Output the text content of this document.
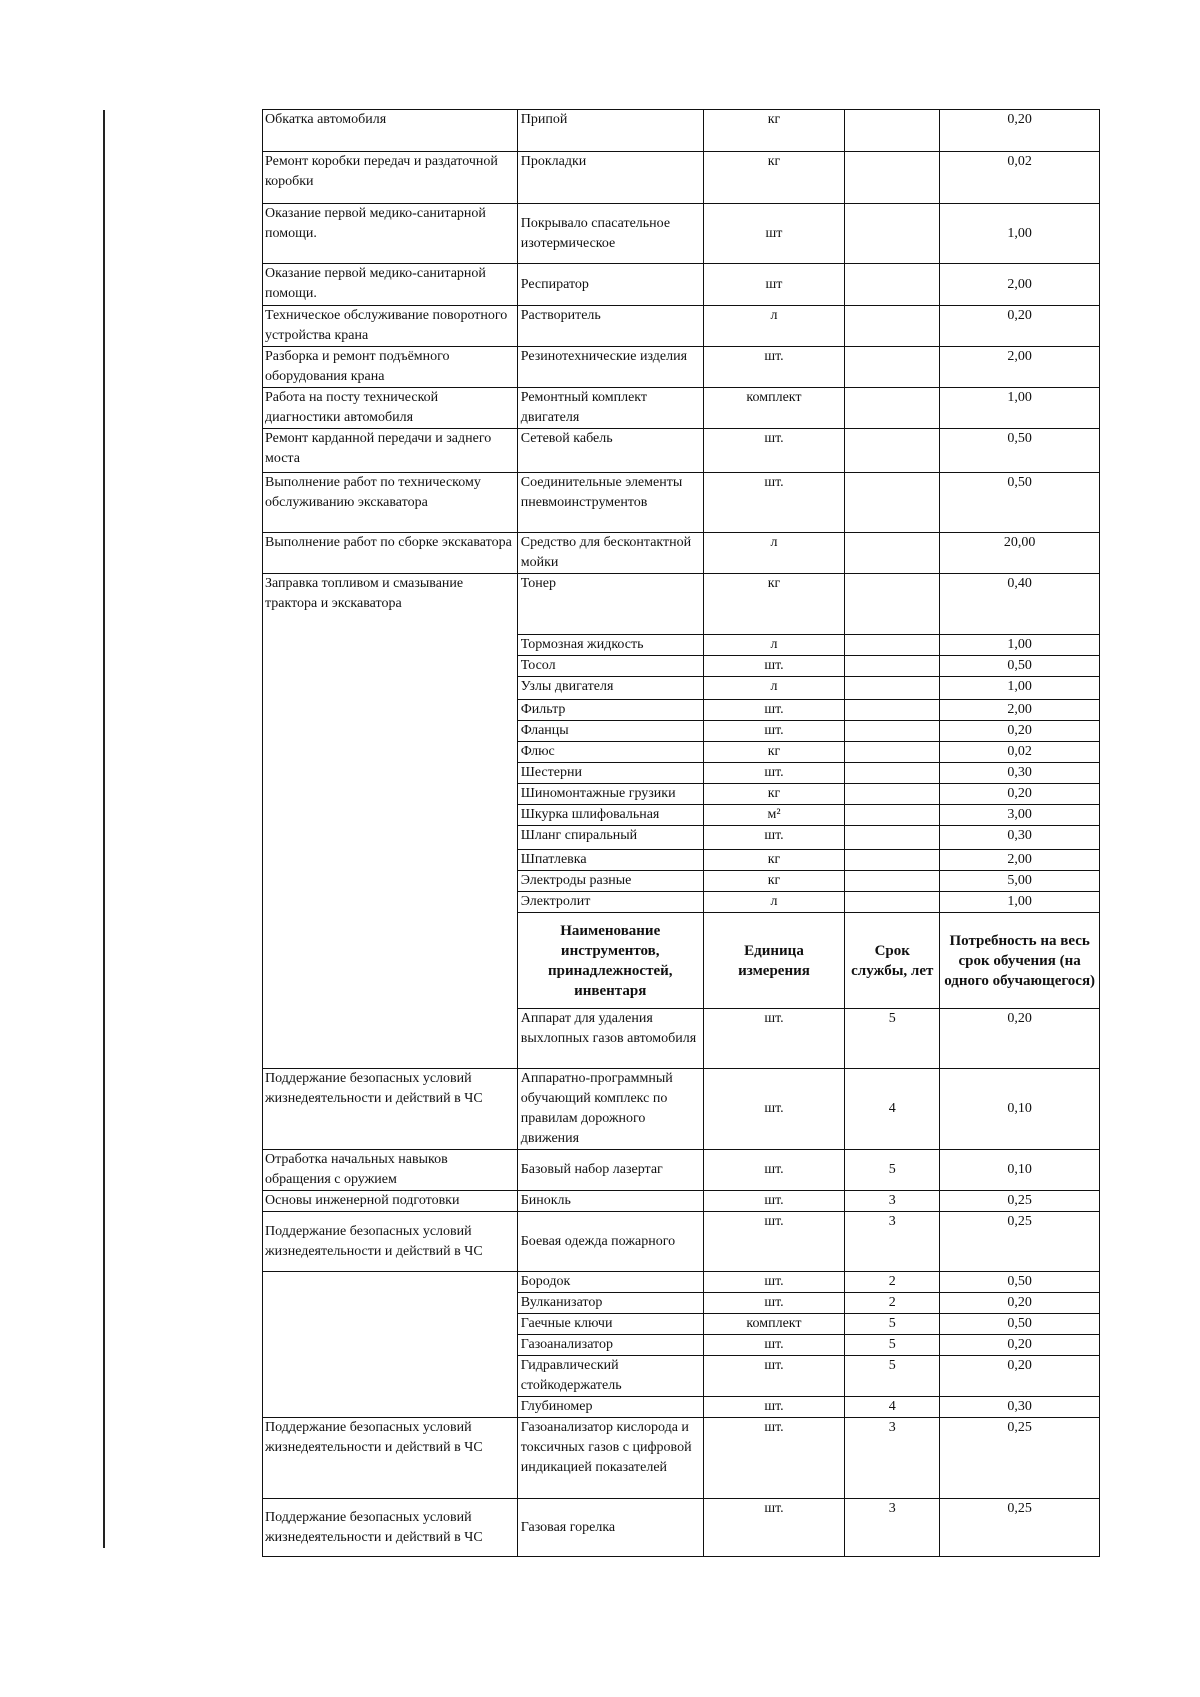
Обкатка автомобиля	Припой	кг		0,20
Ремонт коробки передач и раздаточной коробки	Прокладки	кг		0,02
Оказание первой медико-санитарной помощи.	Покрывало спасательное изотермическое	шт		1,00
Оказание первой медико-санитарной помощи.	Респиратор	шт		2,00
Техническое обслуживание поворотного устройства крана	Растворитель	л		0,20
Разборка и ремонт подъёмного оборудования крана	Резинотехнические изделия	шт.		2,00
Работа на посту технической диагностики автомобиля	Ремонтный комплект двигателя	комплект		1,00
Ремонт карданной передачи и заднего моста	Сетевой кабель	шт.		0,50
Выполнение работ по техническому обслуживанию экскаватора	Соединительные элементы пневмоинструментов	шт.		0,50
Выполнение работ по сборке экскаватора	Средство для бесконтактной мойки	л		20,00
Заправка топливом и смазывание трактора и экскаватора	Тонер	кг		0,40
	Тормозная жидкость	л		1,00
	Тосол	шт.		0,50
	Узлы двигателя	л		1,00
	Фильтр	шт.		2,00
	Фланцы	шт.		0,20
	Флюс	кг		0,02
	Шестерни	шт.		0,30
	Шиномонтажные грузики	кг		0,20
	Шкурка шлифовальная	м²		3,00
	Шланг спиральный	шт.		0,30
	Шпатлевка	кг		2,00
	Электроды разные	кг		5,00
	Электролит	л		1,00
	Наименование инструментов, принадлежностей, инвентаря	Единица измерения	Срок службы, лет	Потребность на весь срок обучения (на одного обучающегося)
	Аппарат для удаления выхлопных газов автомобиля	шт.	5	0,20
Поддержание безопасных условий жизнедеятельности и действий в ЧС	Аппаратно-программный обучающий комплекс по правилам дорожного движения	шт.	4	0,10
Отработка начальных навыков обращения с оружием	Базовый набор лазертаг	шт.	5	0,10
Основы инженерной подготовки	Бинокль	шт.	3	0,25
Поддержание безопасных условий жизнедеятельности и действий в ЧС	Боевая одежда пожарного	шт.	3	0,25
	Бородок	шт.	2	0,50
	Вулканизатор	шт.	2	0,20
	Гаечные ключи	комплект	5	0,50
	Газоанализатор	шт.	5	0,20
	Гидравлический стойкодержатель	шт.	5	0,20
	Глубиномер	шт.	4	0,30
Поддержание безопасных условий жизнедеятельности и действий в ЧС	Газоанализатор кислорода и токсичных газов с цифровой индикацией показателей	шт.	3	0,25
Поддержание безопасных условий жизнедеятельности и действий в ЧС	Газовая горелка	шт.	3	0,25
